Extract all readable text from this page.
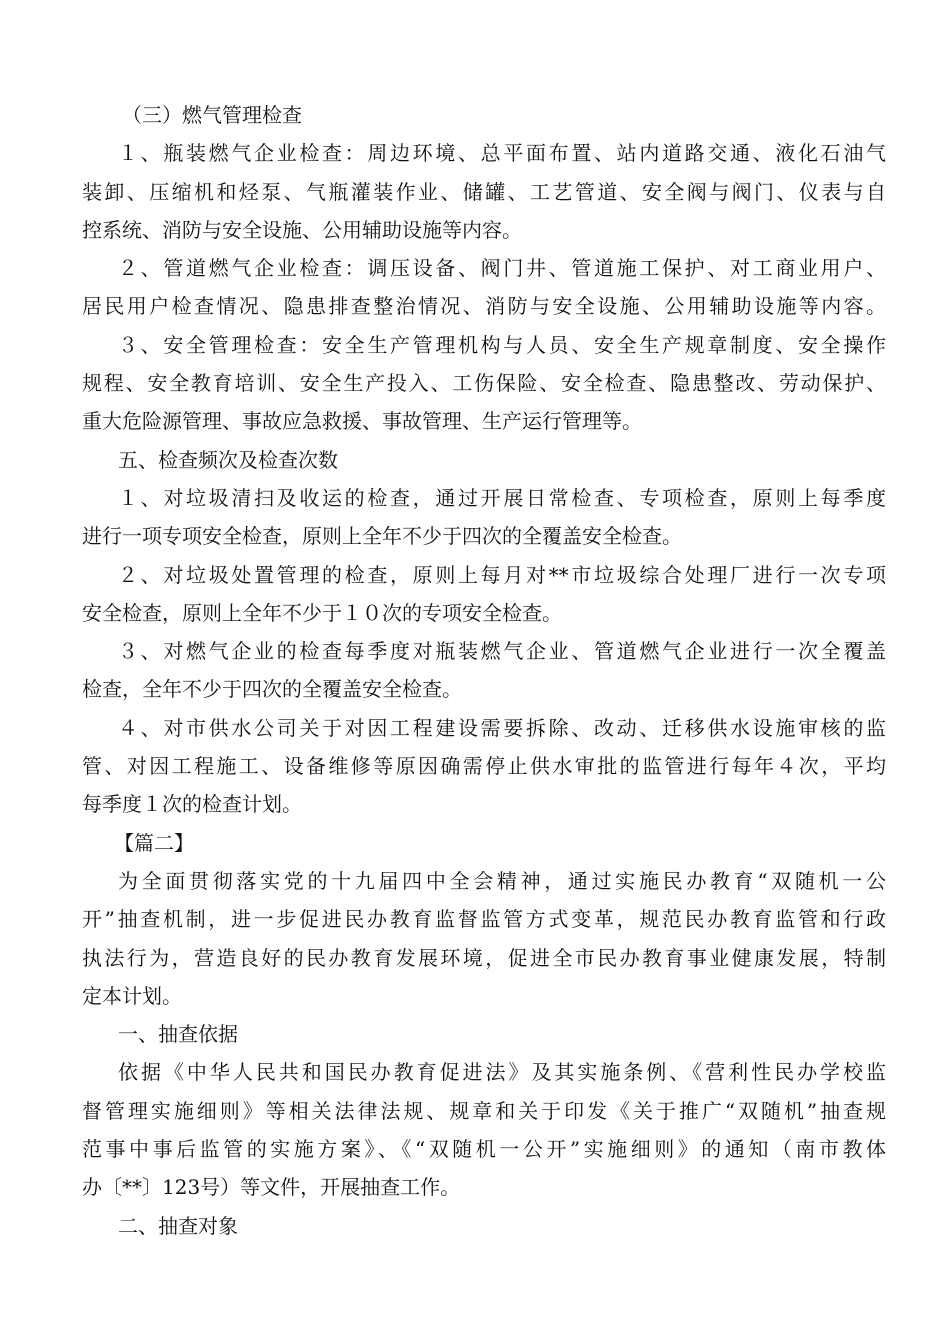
（三）燃气管理检查
１、瓶装燃气企业检查：周边环境、总平面布置、站内道路交通、液化石油气
装卸、压缩机和烃泵、气瓶灌装作业、储罐、工艺管道、安全阀与阀门、仪表与自
控系统、消防与安全设施、公用辅助设施等内容。
２、管道燃气企业检查：调压设备、阀门井、管道施工保护、对工商业用户、
居民用户检查情况、隐患排查整治情况、消防与安全设施、公用辅助设施等内容。
３、安全管理检查：安全生产管理机构与人员、安全生产规章制度、安全操作
规程、安全教育培训、安全生产投入、工伤保险、安全检查、隐患整改、劳动保护、
重大危险源管理、事故应急救援、事故管理、生产运行管理等。
五、检查频次及检查次数
１、对垃圾清扫及收运的检查，通过开展日常检查、专项检查，原则上每季度
进行一项专项安全检查，原则上全年不少于四次的全覆盖安全检查。
２、对垃圾处置管理的检查，原则上每月对**市垃圾综合处理厂进行一次专项
安全检查，原则上全年不少于１０次的专项安全检查。
３、对燃气企业的检查每季度对瓶装燃气企业、管道燃气企业进行一次全覆盖
检查，全年不少于四次的全覆盖安全检查。
４、对市供水公司关于对因工程建设需要拆除、改动、迁移供水设施审核的监
管、对因工程施工、设备维修等原因确需停止供水审批的监管进行每年４次，平均
每季度１次的检查计划。
【篇二】
为全面贯彻落实党的十九届四中全会精神，通过实施民办教育“双随机一公
开”抽查机制，进一步促进民办教育监督监管方式变革，规范民办教育监管和行政
执法行为，营造良好的民办教育发展环境，促进全市民办教育事业健康发展，特制
定本计划。
一、抽查依据
依据《中华人民共和国民办教育促进法》及其实施条例、《营利性民办学校监
督管理实施细则》等相关法律法规、规章和关于印发《关于推广“双随机”抽查规
范事中事后监管的实施方案》、《“双随机一公开”实施细则》的通知（南市教体
办〔**〕123号）等文件，开展抽查工作。
二、抽查对象
